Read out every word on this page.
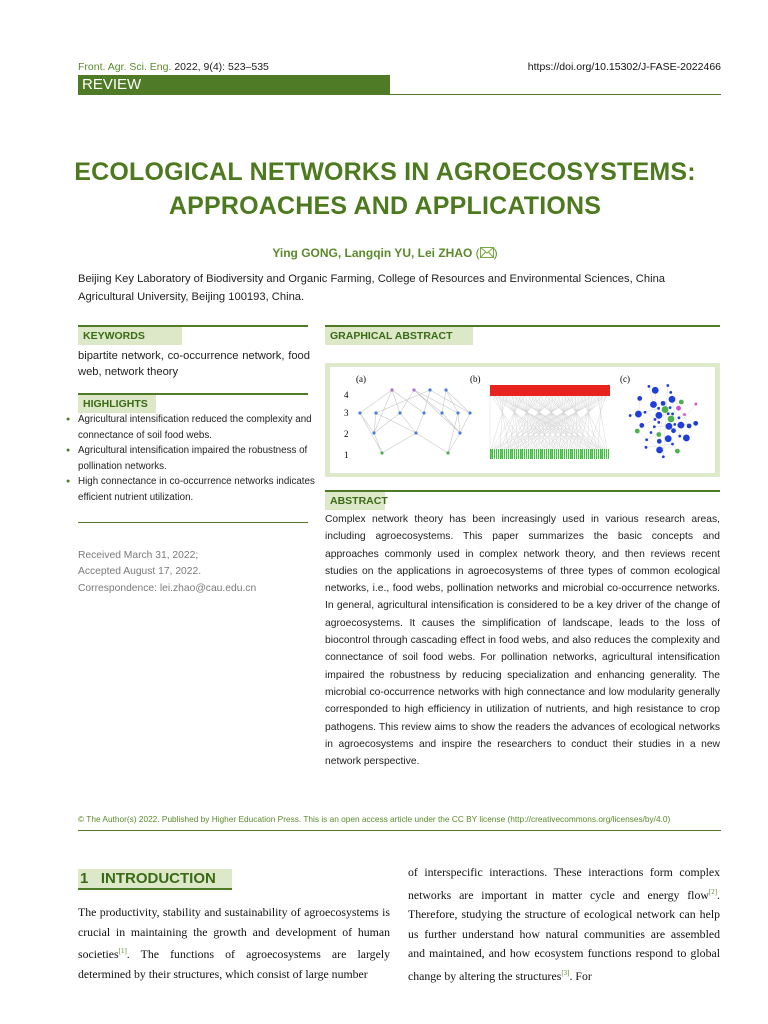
Front. Agr. Sci. Eng. 2022, 9(4): 523–535	https://doi.org/10.15302/J-FASE-2022466
REVIEW
ECOLOGICAL NETWORKS IN AGROECOSYSTEMS:
APPROACHES AND APPLICATIONS
Ying GONG, Langqin YU, Lei ZHAO ( )
Beijing Key Laboratory of Biodiversity and Organic Farming, College of Resources and Environmental Sciences, China
Agricultural University, Beijing 100193, China.
KEYWORDS
bipartite network, co-occurrence network, food web, network theory
HIGHLIGHTS
● Agricultural intensification reduced the complexity and connectance of soil food webs.
● Agricultural intensification impaired the robustness of pollination networks.
● High connectance in co-occurrence networks indicates efficient nutrient utilization.
Received March 31, 2022;
Accepted August 17, 2022.
Correspondence: lei.zhao@cau.edu.cn
GRAPHICAL ABSTRACT
(a)	(b)	(c)
4
3
2
1
ABSTRACT
Complex network theory has been increasingly used in various research areas, including agroecosystems. This paper summarizes the basic concepts and approaches commonly used in complex network theory, and then reviews recent studies on the applications in agroecosystems of three types of common ecological networks, i.e., food webs, pollination networks and microbial co-occurrence networks. In general, agricultural intensification is considered to be a key driver of the change of agroecosystems. It causes the simplification of landscape, leads to the loss of biocontrol through cascading effect in food webs, and also reduces the complexity and connectance of soil food webs. For pollination networks, agricultural intensification impaired the robustness by reducing specialization and enhancing generality. The microbial co-occurrence networks with high connectance and low modularity generally corresponded to high efficiency in utilization of nutrients, and high resistance to crop pathogens. This review aims to show the readers the advances of ecological networks in agroecosystems and inspire the researchers to conduct their studies in a new network perspective.
© The Author(s) 2022. Published by Higher Education Press. This is an open access article under the CC BY license (http://creativecommons.org/licenses/by/4.0)
1   INTRODUCTION
The productivity, stability and sustainability of agroecosystems is crucial in maintaining the growth and development of human societies[1]. The functions of agroecosystems are largely determined by their structures, which consist of large number
of interspecific interactions. These interactions form complex networks are important in matter cycle and energy flow[2]. Therefore, studying the structure of ecological network can help us further understand how natural communities are assembled and maintained, and how ecosystem functions respond to global change by altering the structures[3]. For
